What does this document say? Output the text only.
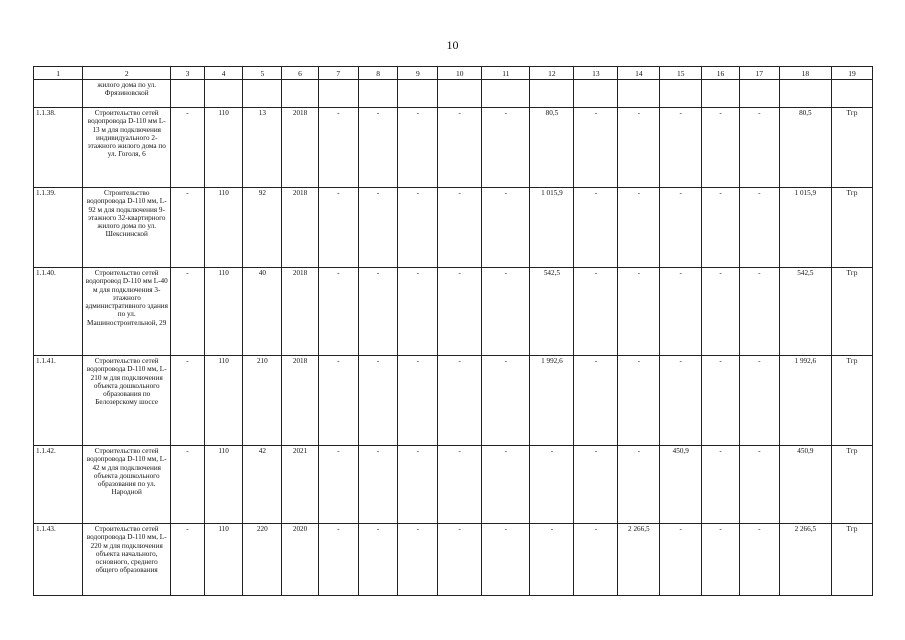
10
1	2	3	4	5	6	7	8	9	10	11	12	13	14	15	16	17	18	19
	жилого дома по ул. Фрязиновской																	
1.1.38.	Строительство сетей водопровода D-110 мм L-13 м для подключения индивидуального 2-этажного жилого дома по ул. Гоголя, 6	-	110	13	2018	-	-	-	-	-	80,5	-	-	-	-	-	80,5	Тгр
1.1.39.	Строительство водопровода D-110 мм, L-92 м для подключения 9-этажного 32-квартирного жилого дома по ул. Шекснинской	-	110	92	2018	-	-	-	-	-	1 015,9	-	-	-	-	-	1 015,9	Тгр
1.1.40.	Строительство сетей водопровод D-110 мм L-40 м для подключения 3-этажного административного здания по ул. Машиностроительной, 29	-	110	40	2018	-	-	-	-	-	542,5	-	-	-	-	-	542,5	Тгр
1.1.41.	Строительство сетей водопровода D-110 мм, L-210 м для подключения объекта дошкольного образования по Белозерскому шоссе	-	110	210	2018	-	-	-	-	-	1 992,6	-	-	-	-	-	1 992,6	Тгр
1.1.42.	Строительство сетей водопровода D-110 мм, L-42 м для подключения объекта дошкольного образования по ул. Народной	-	110	42	2021	-	-	-	-	-	-	-	-	450,9	-	-	450,9	Тгр
1.1.43.	Строительство сетей водопровода D-110 мм, L-220 м для подключения объекта начального, основного, среднего общего образования	-	110	220	2020	-	-	-	-	-	-	-	2 266,5	-	-	-	2 266,5	Тгр
